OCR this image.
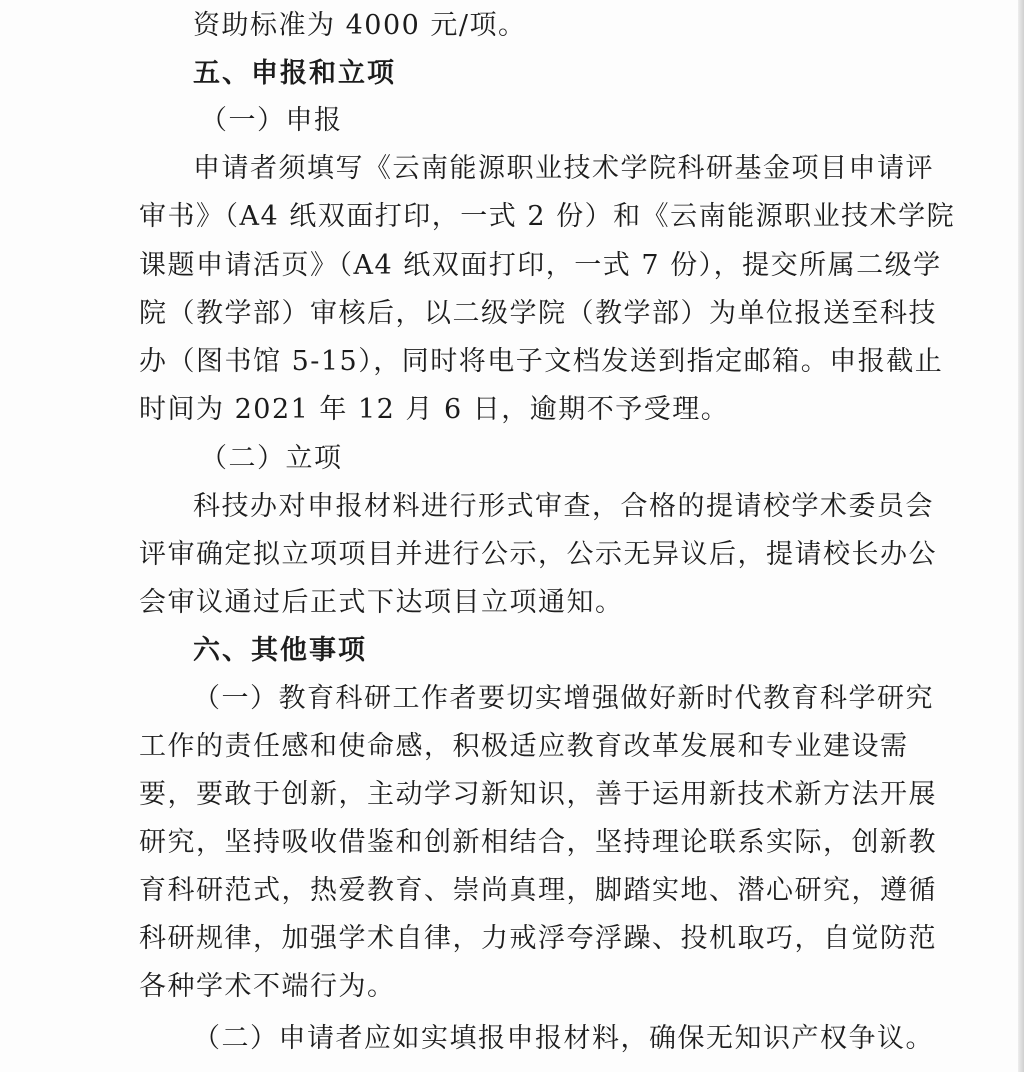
资助标准为 4000 元/项。
五、申报和立项
（一）申报
申请者须填写《云南能源职业技术学院科研基金项目申请评
审书》（A4 纸双面打印，一式 2 份）和《云南能源职业技术学院
课题申请活页》（A4 纸双面打印，一式 7 份），提交所属二级学
院（教学部）审核后，以二级学院（教学部）为单位报送至科技
办（图书馆 5-15），同时将电子文档发送到指定邮箱。申报截止
时间为 2021 年 12 月 6 日，逾期不予受理。
（二）立项
科技办对申报材料进行形式审查，合格的提请校学术委员会
评审确定拟立项项目并进行公示，公示无异议后，提请校长办公
会审议通过后正式下达项目立项通知。
六、其他事项
（一）教育科研工作者要切实增强做好新时代教育科学研究
工作的责任感和使命感，积极适应教育改革发展和专业建设需
要，要敢于创新，主动学习新知识，善于运用新技术新方法开展
研究，坚持吸收借鉴和创新相结合，坚持理论联系实际，创新教
育科研范式，热爱教育、崇尚真理，脚踏实地、潜心研究，遵循
科研规律，加强学术自律，力戒浮夸浮躁、投机取巧，自觉防范
各种学术不端行为。
（二）申请者应如实填报申报材料，确保无知识产权争议。
